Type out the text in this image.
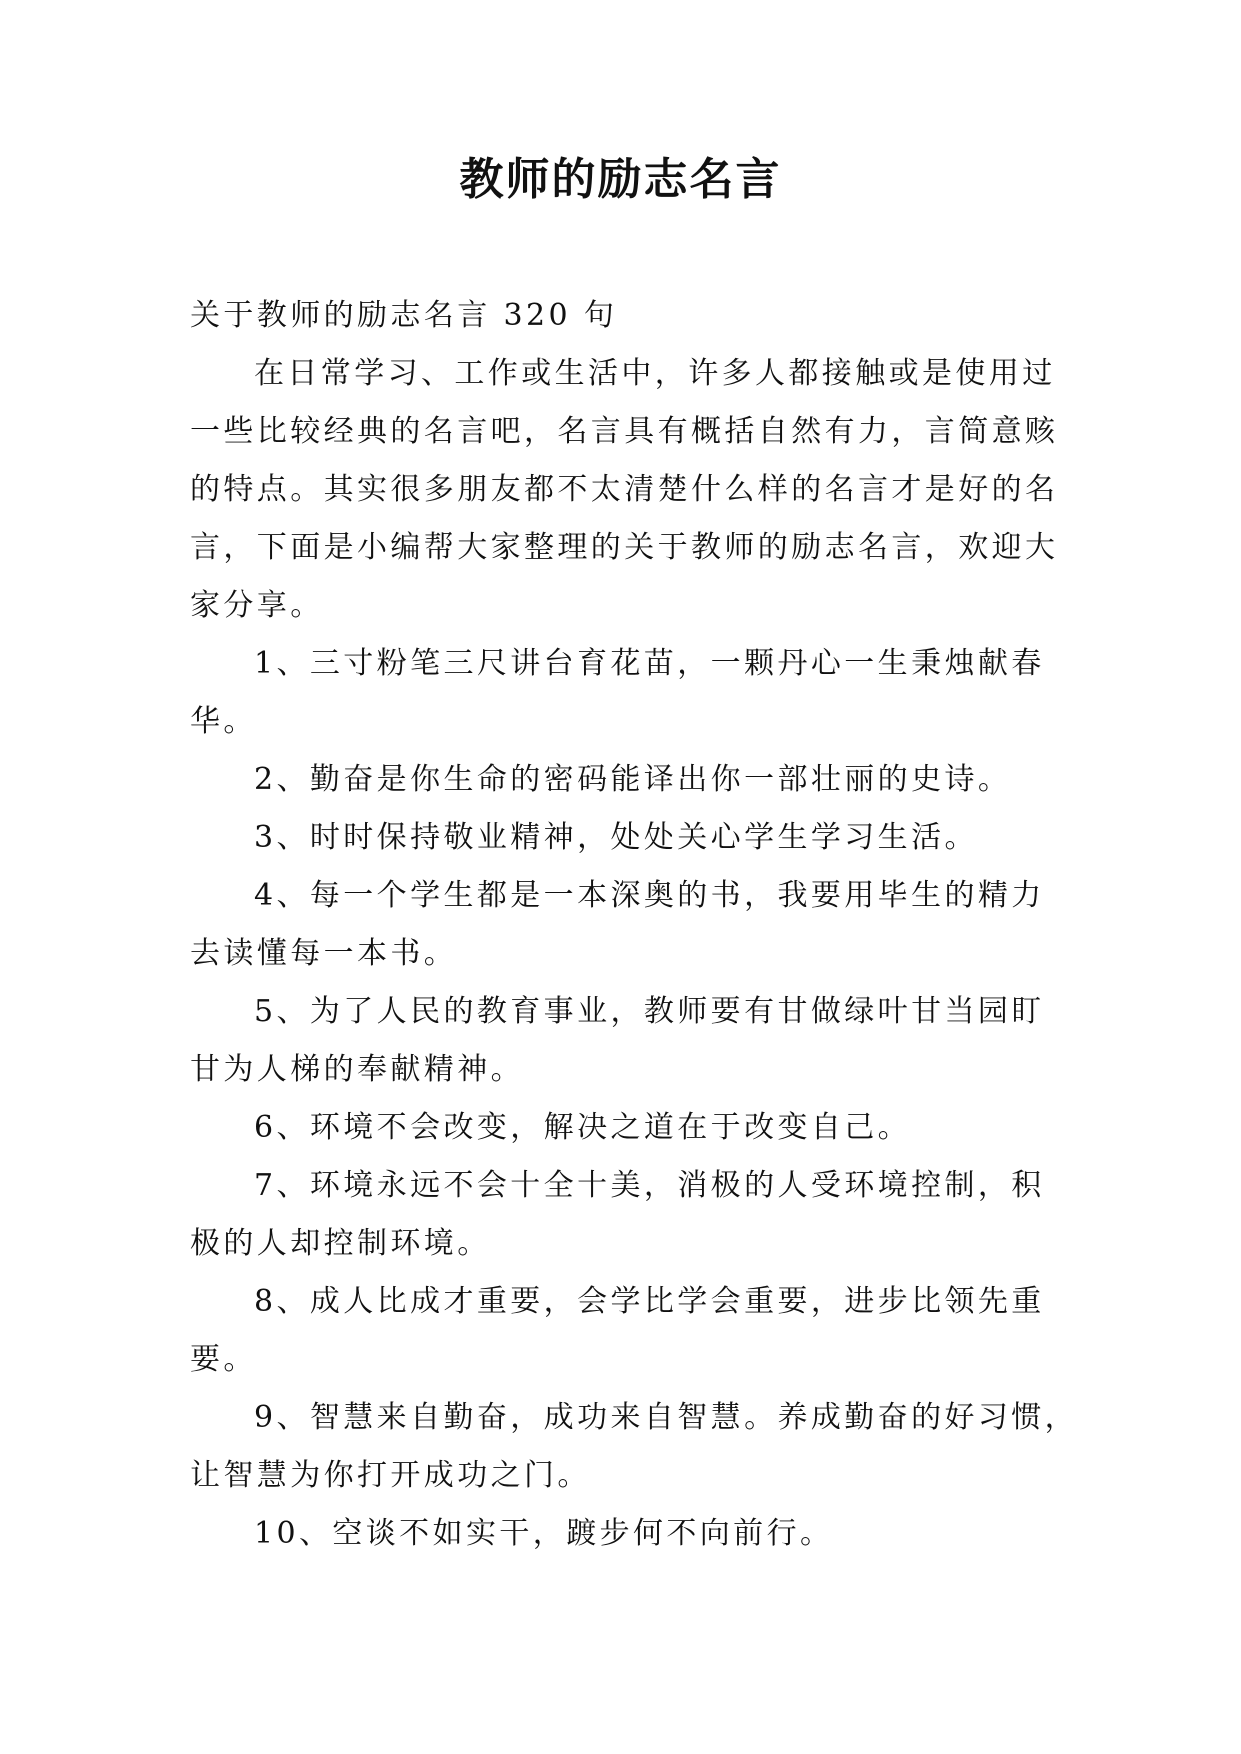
教师的励志名言
关于教师的励志名言 320 句
在日常学习、工作或生活中，许多人都接触或是使用过
一些比较经典的名言吧，名言具有概括自然有力，言简意赅
的特点。其实很多朋友都不太清楚什么样的名言才是好的名
言，下面是小编帮大家整理的关于教师的励志名言，欢迎大
家分享。
1、三寸粉笔三尺讲台育花苗，一颗丹心一生秉烛献春
华。
2、勤奋是你生命的密码能译出你一部壮丽的史诗。
3、时时保持敬业精神，处处关心学生学习生活。
4、每一个学生都是一本深奥的书，我要用毕生的精力
去读懂每一本书。
5、为了人民的教育事业，教师要有甘做绿叶甘当园盯
甘为人梯的奉献精神。
6、环境不会改变，解决之道在于改变自己。
7、环境永远不会十全十美，消极的人受环境控制，积
极的人却控制环境。
8、成人比成才重要，会学比学会重要，进步比领先重
要。
9、智慧来自勤奋，成功来自智慧。养成勤奋的好习惯，
让智慧为你打开成功之门。
10、空谈不如实干，踱步何不向前行。
